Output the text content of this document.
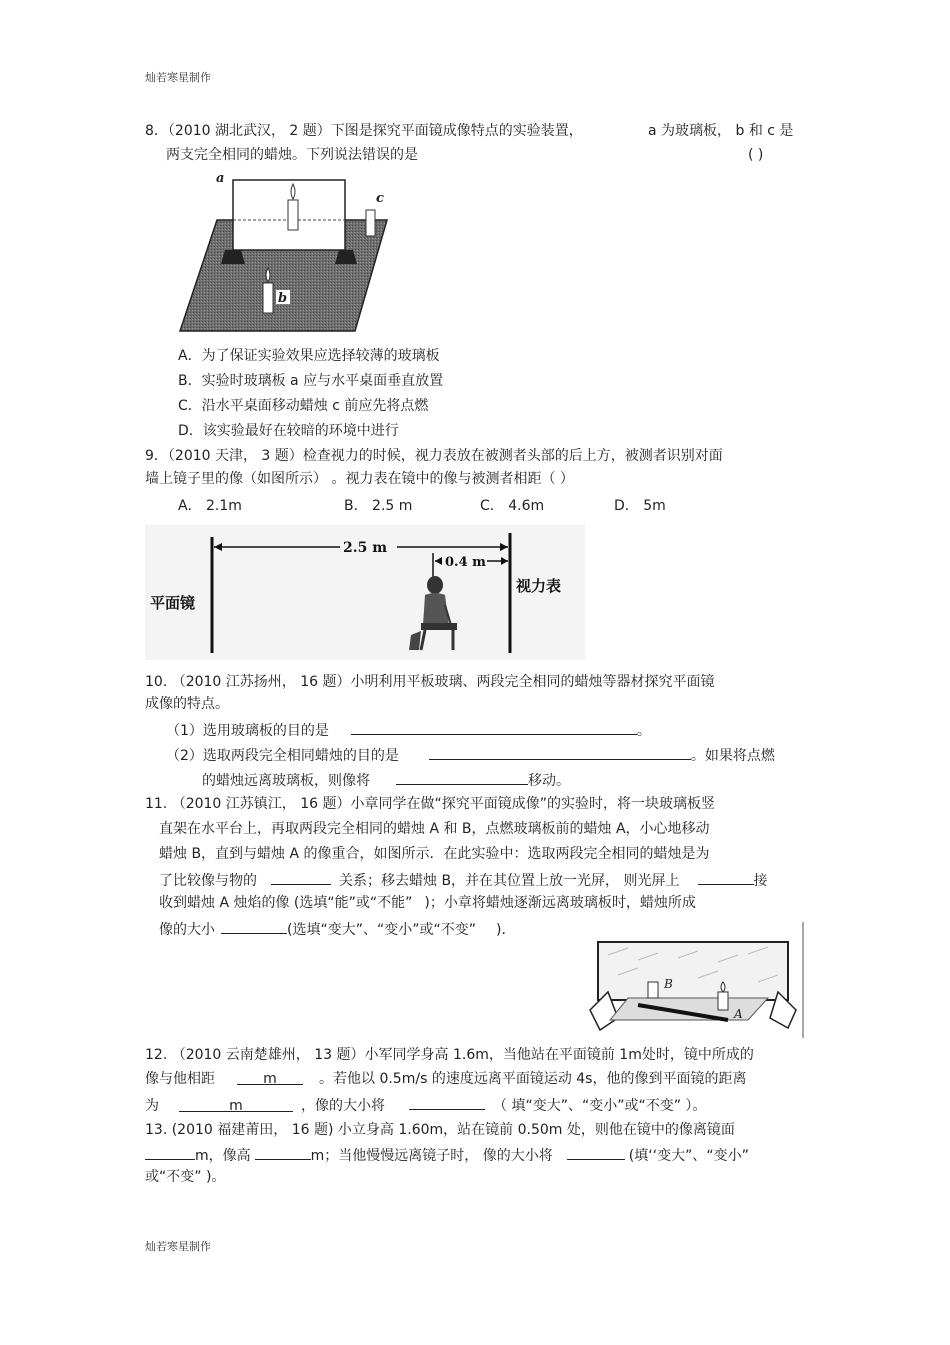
灿若寒星制作
8．（2010 湖北武汉， 2 题）下图是探究平面镜成像特点的实验装置，	a 为玻璃板， b 和 c 是
两支完全相同的蜡烛。下列说法错误的是	( )
a
c
b
A．为了保证实验效果应选择较薄的玻璃板
B．实验时玻璃板 a 应与水平桌面垂直放置
C．沿水平桌面移动蜡烛 c 前应先将点燃
D．该实验最好在较暗的环境中进行
9．（2010 天津， 3 题）检查视力的时候，视力表放在被测者头部的后上方，被测者识别对面
墙上镜子里的像（如图所示） 。视力表在镜中的像与被测者相距（ ）
A． 2.1m	B． 2.5 m	C． 4.6m	D． 5m
2.5 m
0.4 m
平面镜
视力表
10. （2010 江苏扬州， 16 题）小明利用平板玻璃、两段完全相同的蜡烛等器材探究平面镜
成像的特点。
（1）选用玻璃板的目的是	。
（2）选取两段完全相同蜡烛的目的是	。如果将点燃
的蜡烛远离玻璃板，则像将	移动。
11. （2010 江苏镇江， 16 题）小章同学在做“探究平面镜成像”的实验时，将一块玻璃板竖
直架在水平台上，再取两段完全相同的蜡烛 A 和 B，点燃玻璃板前的蜡烛 A，小心地移动
蜡烛 B，直到与蜡烛 A 的像重合，如图所示．在此实验中：选取两段完全相同的蜡烛是为
了比较像与物的	关系；移去蜡烛 B，并在其位置上放一光屏， 则光屏上	接
收到蜡烛 A 烛焰的像 (选填“能”或“不能” )；小章将蜡烛逐渐远离玻璃板时，蜡烛所成
像的大小	(选填“变大”、“变小”或“不变” )．
B
A
12. （2010 云南楚雄州， 13 题）小军同学身高 1.6m，当他站在平面镜前 1m处时，镜中所成的
像与他相距	m	。若他以 0.5m/s 的速度远离平面镜运动 4s，他的像到平面镜的距离
为	m	，像的大小将	（ 填“变大”、“变小”或“不变” ）。
13. (2010 福建莆田， 16 题) 小立身高 1.60m，站在镜前 0.50m 处，则他在镜中的像离镜面
m，像高	m；当他慢慢远离镜子时， 像的大小将	(填‘‘变大”、“变小”
或“不变” )。
灿若寒星制作
